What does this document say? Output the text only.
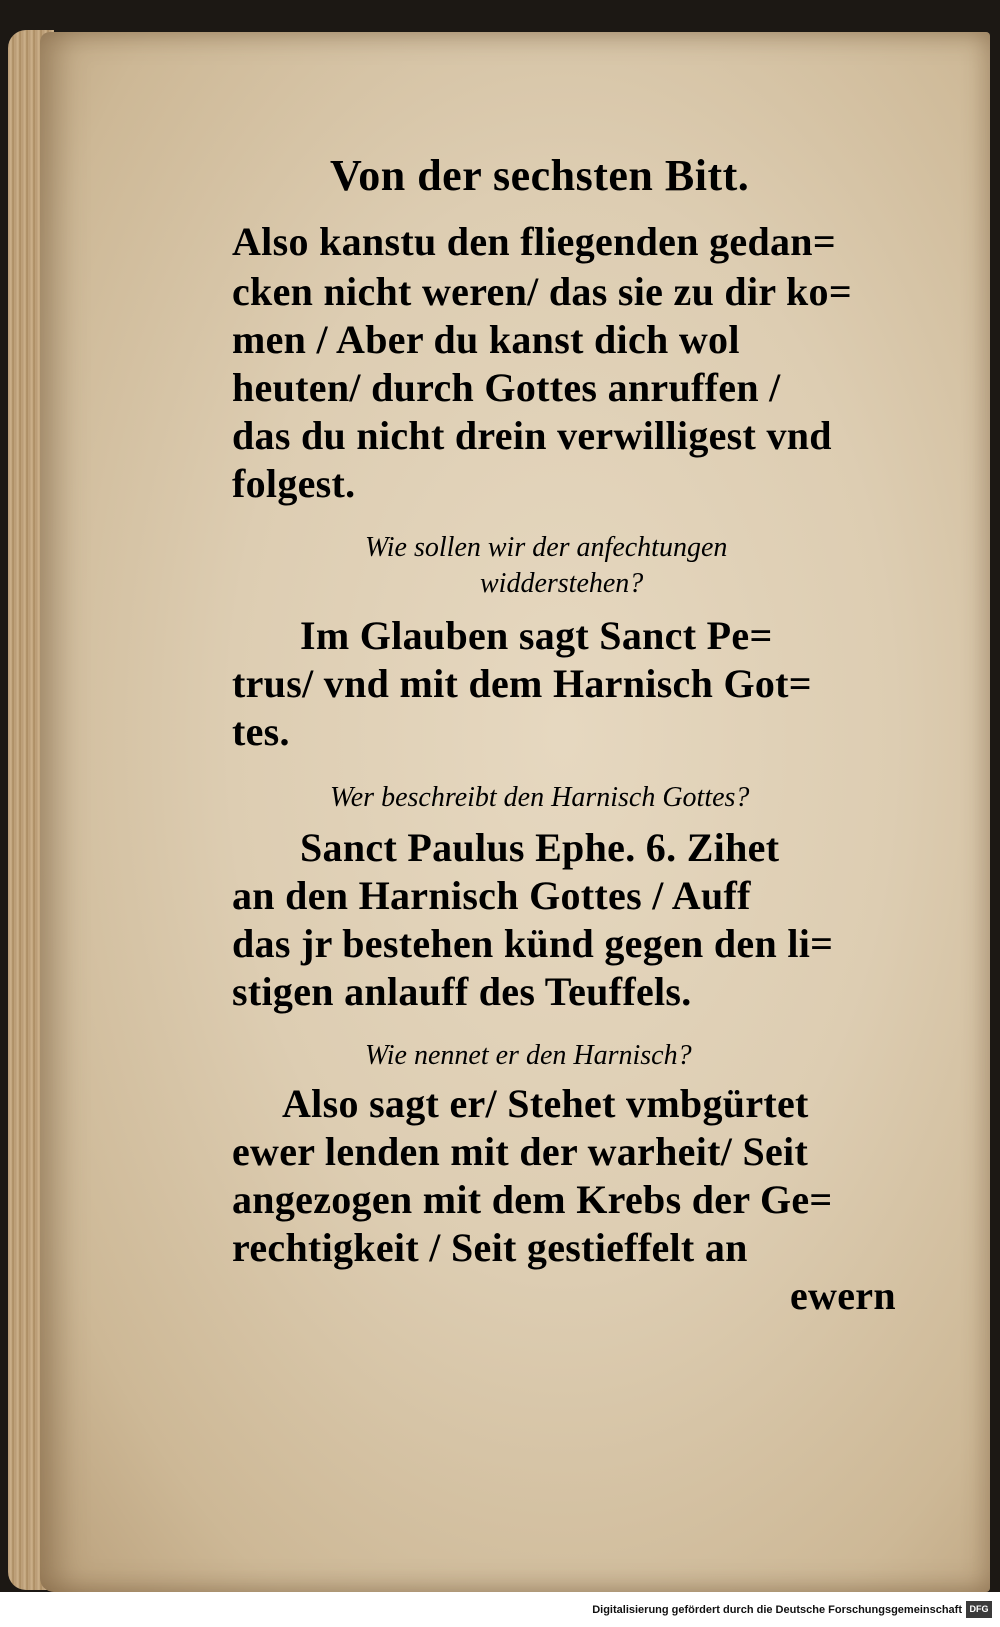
Von der sechsten Bitt.
Also kanstu den fliegenden gedan=
cken nicht weren/ das sie zu dir ko=
men / Aber du kanst dich wol
heuten/ durch Gottes anruffen /
das du nicht drein verwilligest vnd
folgest.
Wie sollen wir der anfechtungen
widderstehen?
Im Glauben sagt Sanct Pe=
trus/ vnd mit dem Harnisch Got=
tes.
Wer beschreibt den Harnisch Gottes?
Sanct Paulus Ephe. 6. Zihet
an den Harnisch Gottes / Auff
das jr bestehen künd gegen den li=
stigen anlauff des Teuffels.
Wie nennet er den Harnisch?
Also sagt er/ Stehet vmbgürtet
ewer lenden mit der warheit/ Seit
angezogen mit dem Krebs der Ge=
rechtigkeit / Seit gestieffelt an
ewern
Digitalisierung gefördert durch die Deutsche Forschungsgemeinschaft DFG
